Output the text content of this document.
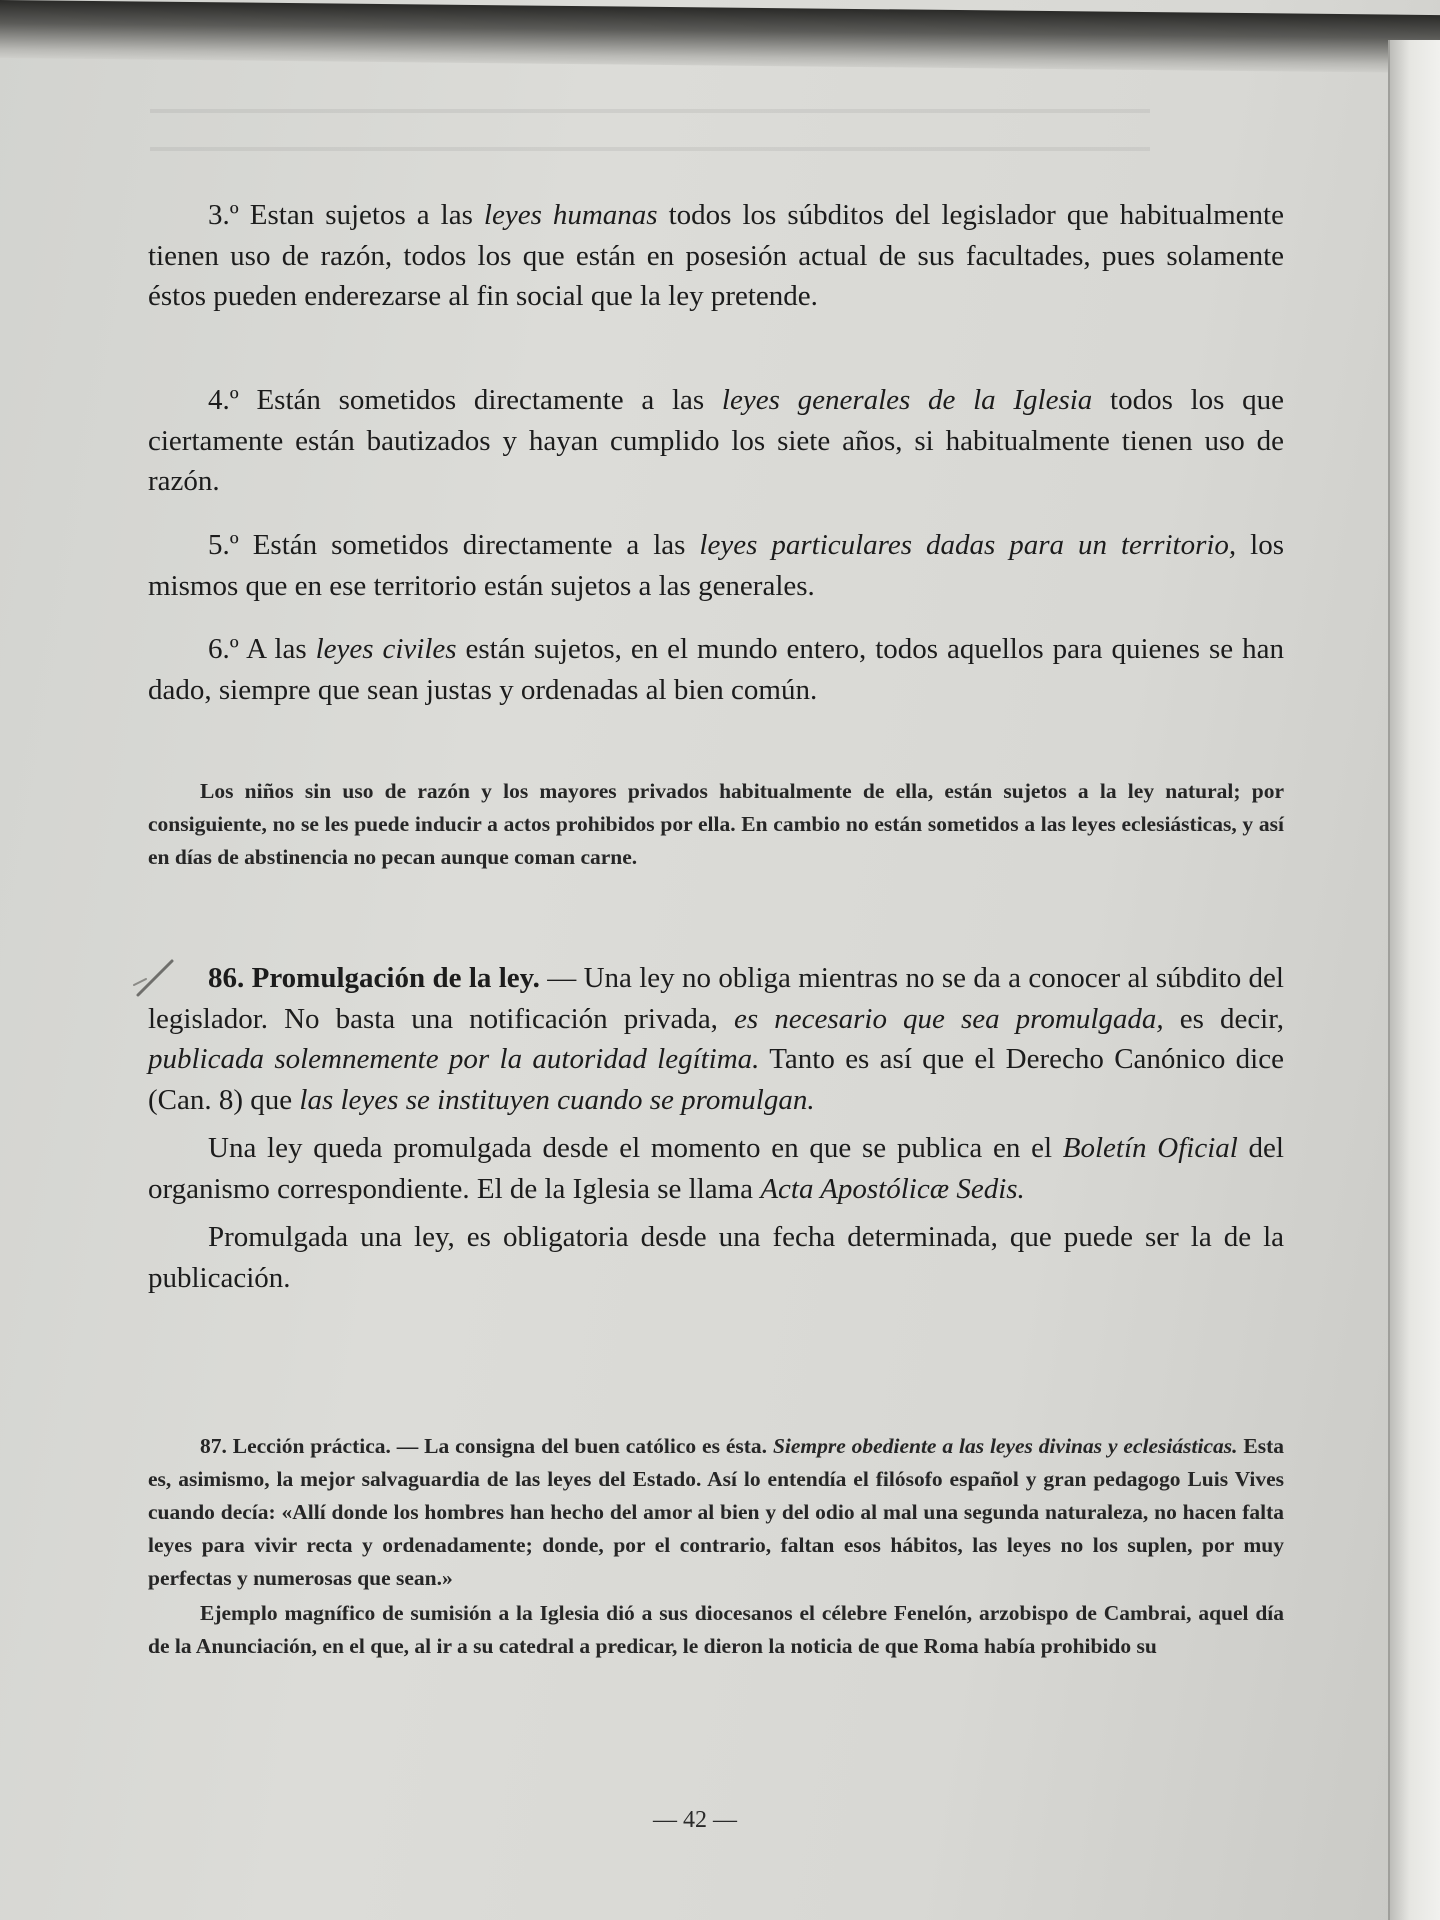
3.º Estan sujetos a las leyes humanas todos los súbditos del legislador que habitualmente tienen uso de razón, todos los que están en posesión actual de sus facultades, pues solamente éstos pueden enderezarse al fin social que la ley pretende.

4.º Están sometidos directamente a las leyes generales de la Iglesia todos los que ciertamente están bautizados y hayan cumplido los siete años, si habitualmente tienen uso de razón.

5.º Están sometidos directamente a las leyes particulares dadas para un territorio, los mismos que en ese territorio están sujetos a las generales.

6.º A las leyes civiles están sujetos, en el mundo entero, todos aquellos para quienes se han dado, siempre que sean justas y ordenadas al bien común.

Los niños sin uso de razón y los mayores privados habitualmente de ella, están sujetos a la ley natural; por consiguiente, no se les puede inducir a actos prohibidos por ella. En cambio no están sometidos a las leyes eclesiásticas, y así en días de abstinencia no pecan aunque coman carne.

86. Promulgación de la ley. — Una ley no obliga mientras no se da a conocer al súbdito del legislador. No basta una notificación privada, es necesario que sea promulgada, es decir, publicada solemnemente por la autoridad legítima. Tanto es así que el Derecho Canónico dice (Can. 8) que las leyes se instituyen cuando se promulgan.

Una ley queda promulgada desde el momento en que se publica en el Boletín Oficial del organismo correspondiente. El de la Iglesia se llama Acta Apostólicæ Sedis.

Promulgada una ley, es obligatoria desde una fecha determinada, que puede ser la de la publicación.

87. Lección práctica. — La consigna del buen católico es ésta. Siempre obediente a las leyes divinas y eclesiásticas. Esta es, asimismo, la mejor salvaguardia de las leyes del Estado. Así lo entendía el filósofo español y gran pedagogo Luis Vives cuando decía: «Allí donde los hombres han hecho del amor al bien y del odio al mal una segunda naturaleza, no hacen falta leyes para vivir recta y ordenadamente; donde, por el contrario, faltan esos hábitos, las leyes no los suplen, por muy perfectas y numerosas que sean.»

Ejemplo magnífico de sumisión a la Iglesia dió a sus diocesanos el célebre Fenelón, arzobispo de Cambrai, aquel día de la Anunciación, en el que, al ir a su catedral a predicar, le dieron la noticia de que Roma había prohibido su

— 42 —
